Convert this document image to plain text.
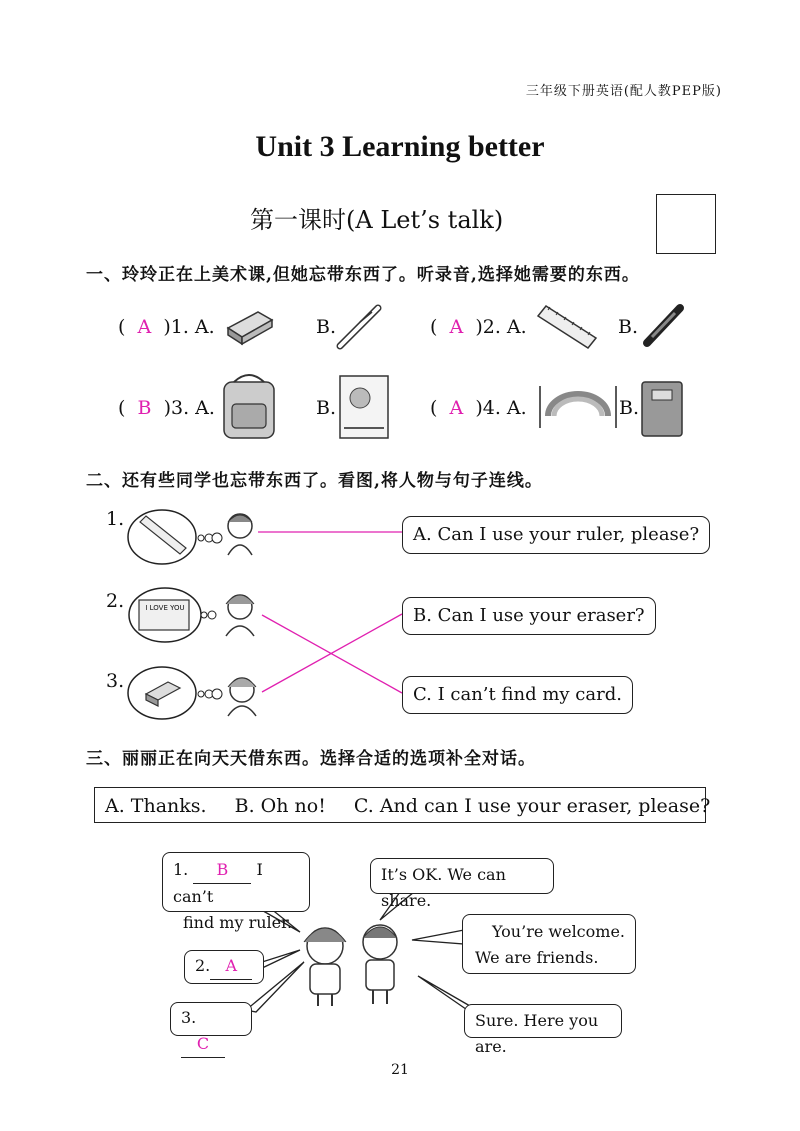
三年级下册英语(配人教PEP版)
Unit 3 Learning better
第一课时(A Let’s talk)
一、玲玲正在上美术课,但她忘带东西了。听录音,选择她需要的东西。
( A )1. A.	B.	( A )2. A.	B.
( B )3. A.	B.	( A )4. A.	B.
二、还有些同学也忘带东西了。看图,将人物与句子连线。
1.
2.
3.
I LOVE YOU
A. Can I use your ruler, please?
B. Can I use your eraser?
C. I can’t find my card.
三、丽丽正在向天天借东西。选择合适的选项补全对话。
A. Thanks. B. Oh no! C. And can I use your eraser, please?
1. B I can’t
find my ruler.
2. A
3. C
It’s OK. We can share.
You’re welcome.
We are friends.
Sure. Here you are.
21
